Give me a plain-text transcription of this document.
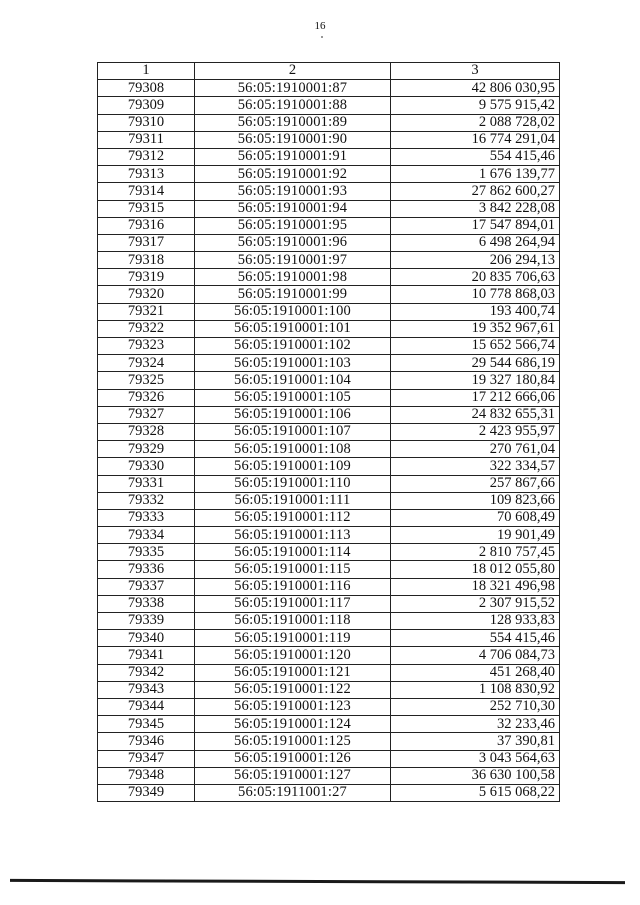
16
1	2	3
79308	56:05:1910001:87	42 806 030,95
79309	56:05:1910001:88	9 575 915,42
79310	56:05:1910001:89	2 088 728,02
79311	56:05:1910001:90	16 774 291,04
79312	56:05:1910001:91	554 415,46
79313	56:05:1910001:92	1 676 139,77
79314	56:05:1910001:93	27 862 600,27
79315	56:05:1910001:94	3 842 228,08
79316	56:05:1910001:95	17 547 894,01
79317	56:05:1910001:96	6 498 264,94
79318	56:05:1910001:97	206 294,13
79319	56:05:1910001:98	20 835 706,63
79320	56:05:1910001:99	10 778 868,03
79321	56:05:1910001:100	193 400,74
79322	56:05:1910001:101	19 352 967,61
79323	56:05:1910001:102	15 652 566,74
79324	56:05:1910001:103	29 544 686,19
79325	56:05:1910001:104	19 327 180,84
79326	56:05:1910001:105	17 212 666,06
79327	56:05:1910001:106	24 832 655,31
79328	56:05:1910001:107	2 423 955,97
79329	56:05:1910001:108	270 761,04
79330	56:05:1910001:109	322 334,57
79331	56:05:1910001:110	257 867,66
79332	56:05:1910001:111	109 823,66
79333	56:05:1910001:112	70 608,49
79334	56:05:1910001:113	19 901,49
79335	56:05:1910001:114	2 810 757,45
79336	56:05:1910001:115	18 012 055,80
79337	56:05:1910001:116	18 321 496,98
79338	56:05:1910001:117	2 307 915,52
79339	56:05:1910001:118	128 933,83
79340	56:05:1910001:119	554 415,46
79341	56:05:1910001:120	4 706 084,73
79342	56:05:1910001:121	451 268,40
79343	56:05:1910001:122	1 108 830,92
79344	56:05:1910001:123	252 710,30
79345	56:05:1910001:124	32 233,46
79346	56:05:1910001:125	37 390,81
79347	56:05:1910001:126	3 043 564,63
79348	56:05:1910001:127	36 630 100,58
79349	56:05:1911001:27	5 615 068,22
